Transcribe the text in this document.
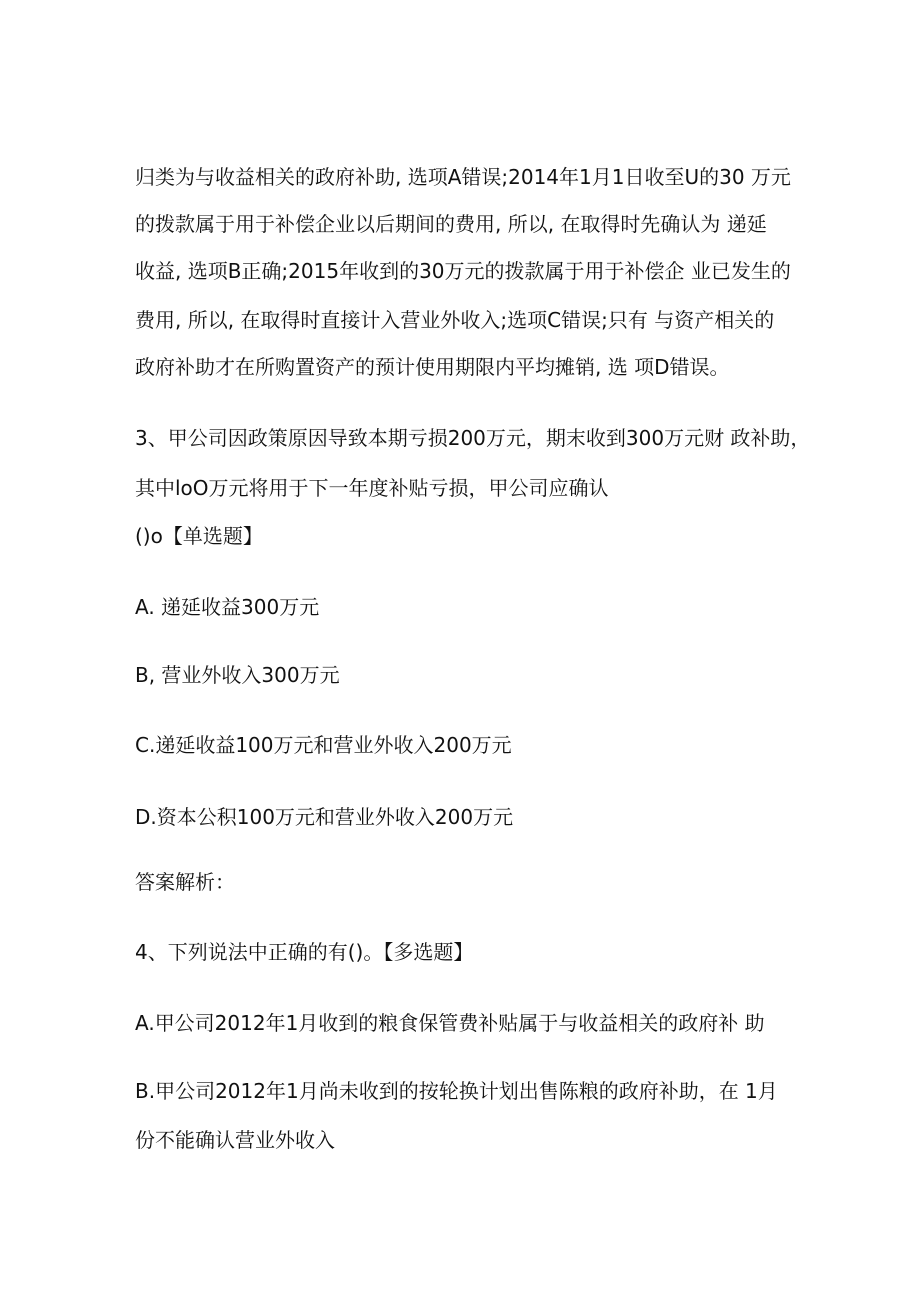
归类为与收益相关的政府补助, 选项A错误;2014年1月1日收至U的30 万元
的拨款属于用于补偿企业以后期间的费用, 所以, 在取得时先确认为 递延
收益, 选项B正确;2015年收到的30万元的拨款属于用于补偿企 业已发生的
费用, 所以, 在取得时直接计入营业外收入;选项C错误;只有 与资产相关的
政府补助才在所购置资产的预计使用期限内平均摊销, 选 项D错误。
3、甲公司因政策原因导致本期亏损200万元，期末收到300万元财 政补助，
其中loO万元将用于下一年度补贴亏损，甲公司应确认
()o【单选题】
A. 递延收益300万元
B, 营业外收入300万元
C.递延收益100万元和营业外收入200万元
D.资本公积100万元和营业外收入200万元
答案解析：
4、下列说法中正确的有()。【多选题】
A.甲公司2012年1月收到的粮食保管费补贴属于与收益相关的政府补 助
B.甲公司2012年1月尚未收到的按轮换计划出售陈粮的政府补助，在 1月
份不能确认营业外收入
